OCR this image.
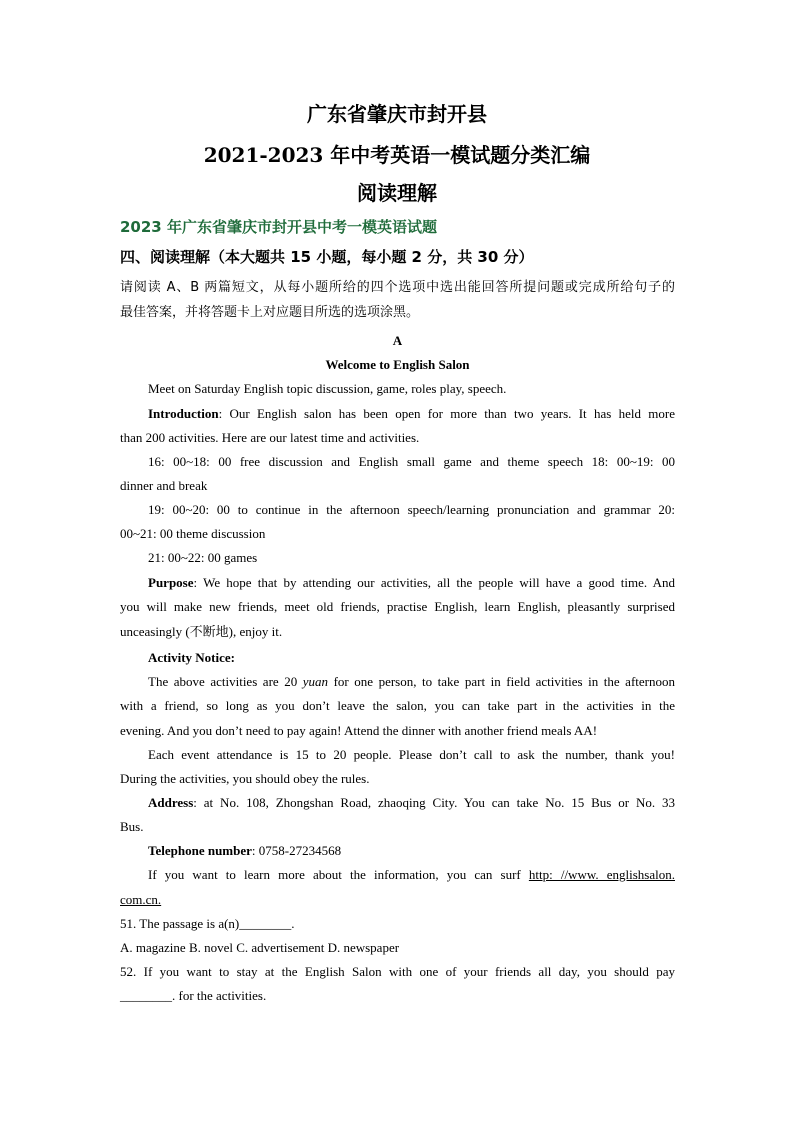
广东省肇庆市封开县
2021-2023 年中考英语一模试题分类汇编
阅读理解
2023 年广东省肇庆市封开县中考一模英语试题
四、阅读理解（本大题共 15 小题，每小题 2 分，共 30 分）
请阅读 A、B 两篇短文，从每小题所给的四个选项中选出能回答所提问题或完成所给句子的
最佳答案，并将答题卡上对应题目所选的选项涂黑。
A
Welcome to English Salon
Meet on Saturday English topic discussion, game, roles play, speech.
Introduction: Our English salon has been open for more than two years. It has held more
than 200 activities. Here are our latest time and activities.
16: 00~18: 00 free discussion and English small game and theme speech 18: 00~19: 00
dinner and break
19: 00~20: 00 to continue in the afternoon speech/learning pronunciation and grammar 20:
00~21: 00 theme discussion
21: 00~22: 00 games
Purpose: We hope that by attending our activities, all the people will have a good time. And
you will make new friends, meet old friends, practise English, learn English, pleasantly surprised
unceasingly (不断地), enjoy it.
Activity Notice:
The above activities are 20 yuan for one person, to take part in field activities in the afternoon
with a friend, so long as you don’t leave the salon, you can take part in the activities in the
evening. And you don’t need to pay again! Attend the dinner with another friend meals AA!
Each event attendance is 15 to 20 people. Please don’t call to ask the number, thank you!
During the activities, you should obey the rules.
Address: at No. 108, Zhongshan Road, zhaoqing City. You can take No. 15 Bus or No. 33
Bus.
Telephone number: 0758-27234568
If you want to learn more about the information, you can surf http: //www. englishsalon.
com.cn.
51. The passage is a(n)________.
A. magazine B. novel C. advertisement D. newspaper
52. If you want to stay at the English Salon with one of your friends all day, you should pay
________. for the activities.
